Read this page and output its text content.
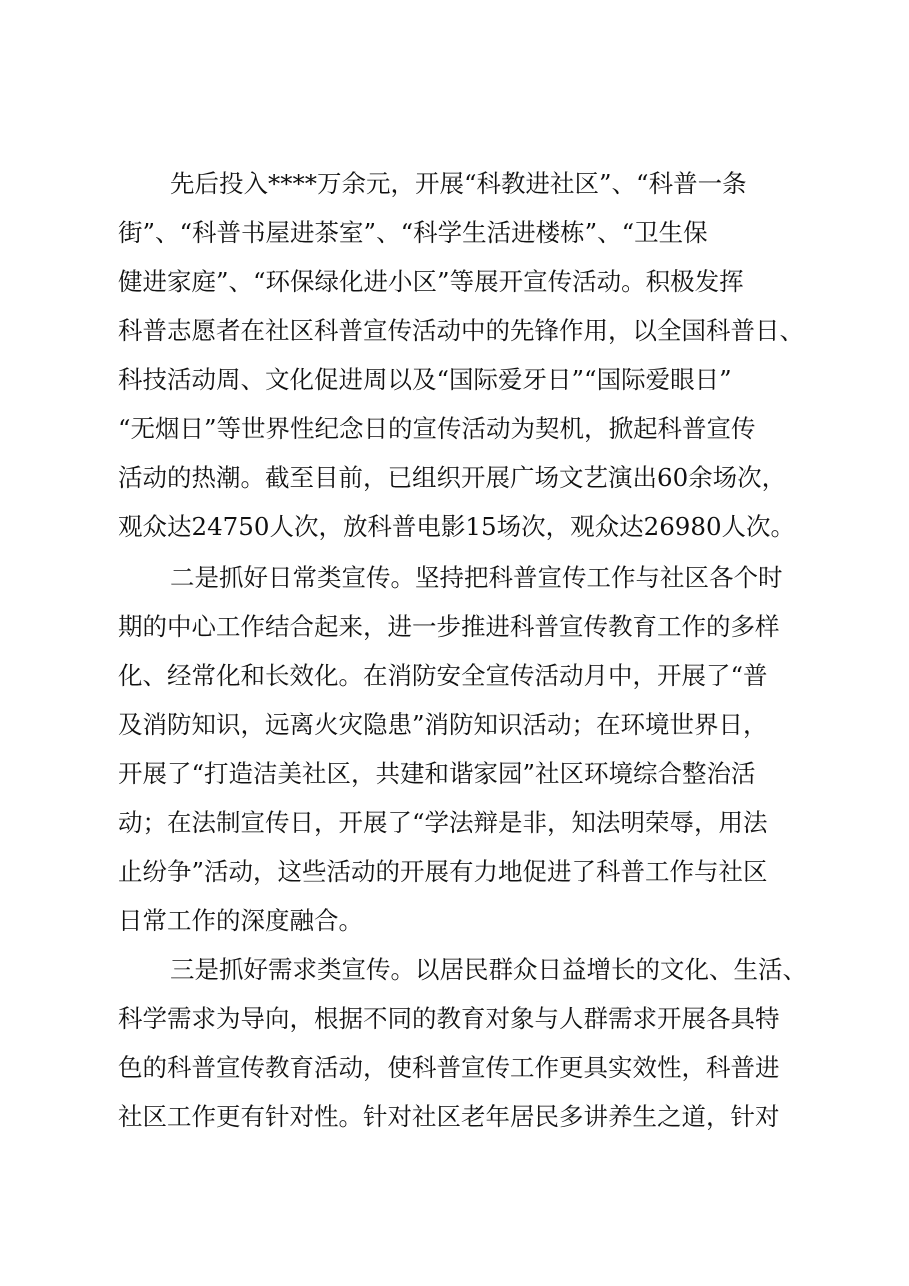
先后投入****万余元，开展“科教进社区”、“科普一条
街”、“科普书屋进茶室”、“科学生活进楼栋”、“卫生保
健进家庭”、“环保绿化进小区”等展开宣传活动。积极发挥
科普志愿者在社区科普宣传活动中的先锋作用，以全国科普日、
科技活动周、文化促进周以及“国际爱牙日”“国际爱眼日”
“无烟日”等世界性纪念日的宣传活动为契机，掀起科普宣传
活动的热潮。截至目前，已组织开展广场文艺演出60余场次，
观众达24750人次，放科普电影15场次，观众达26980人次。
二是抓好日常类宣传。坚持把科普宣传工作与社区各个时
期的中心工作结合起来，进一步推进科普宣传教育工作的多样
化、经常化和长效化。在消防安全宣传活动月中，开展了“普
及消防知识，远离火灾隐患”消防知识活动；在环境世界日，
开展了“打造洁美社区，共建和谐家园”社区环境综合整治活
动；在法制宣传日，开展了“学法辩是非，知法明荣辱，用法
止纷争”活动，这些活动的开展有力地促进了科普工作与社区
日常工作的深度融合。
三是抓好需求类宣传。以居民群众日益增长的文化、生活、
科学需求为导向，根据不同的教育对象与人群需求开展各具特
色的科普宣传教育活动，使科普宣传工作更具实效性，科普进
社区工作更有针对性。针对社区老年居民多讲养生之道，针对
